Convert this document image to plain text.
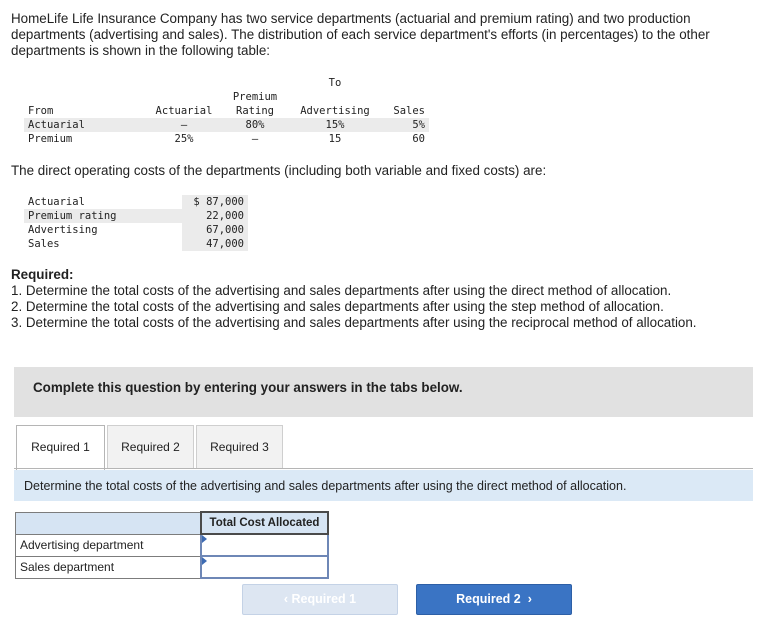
HomeLife Life Insurance Company has two service departments (actuarial and premium rating) and two production departments (advertising and sales). The distribution of each service department's efforts (in percentages) to the other departments is shown in the following table:
			To	
		Premium		
From	Actuarial	Rating	Advertising	Sales
Actuarial	—	80%	15%	5%
Premium	25%	—	15	60
The direct operating costs of the departments (including both variable and fixed costs) are:
Actuarial	$ 87,000
Premium rating	22,000
Advertising	67,000
Sales	47,000
Required:
1. Determine the total costs of the advertising and sales departments after using the direct method of allocation.
2. Determine the total costs of the advertising and sales departments after using the step method of allocation.
3. Determine the total costs of the advertising and sales departments after using the reciprocal method of allocation.
Complete this question by entering your answers in the tabs below.
Required 1	Required 2	Required 3
Determine the total costs of the advertising and sales departments after using the direct method of allocation.
	Total Cost Allocated
Advertising department	

Sales department	
‹ Required 1	Required 2  ›
